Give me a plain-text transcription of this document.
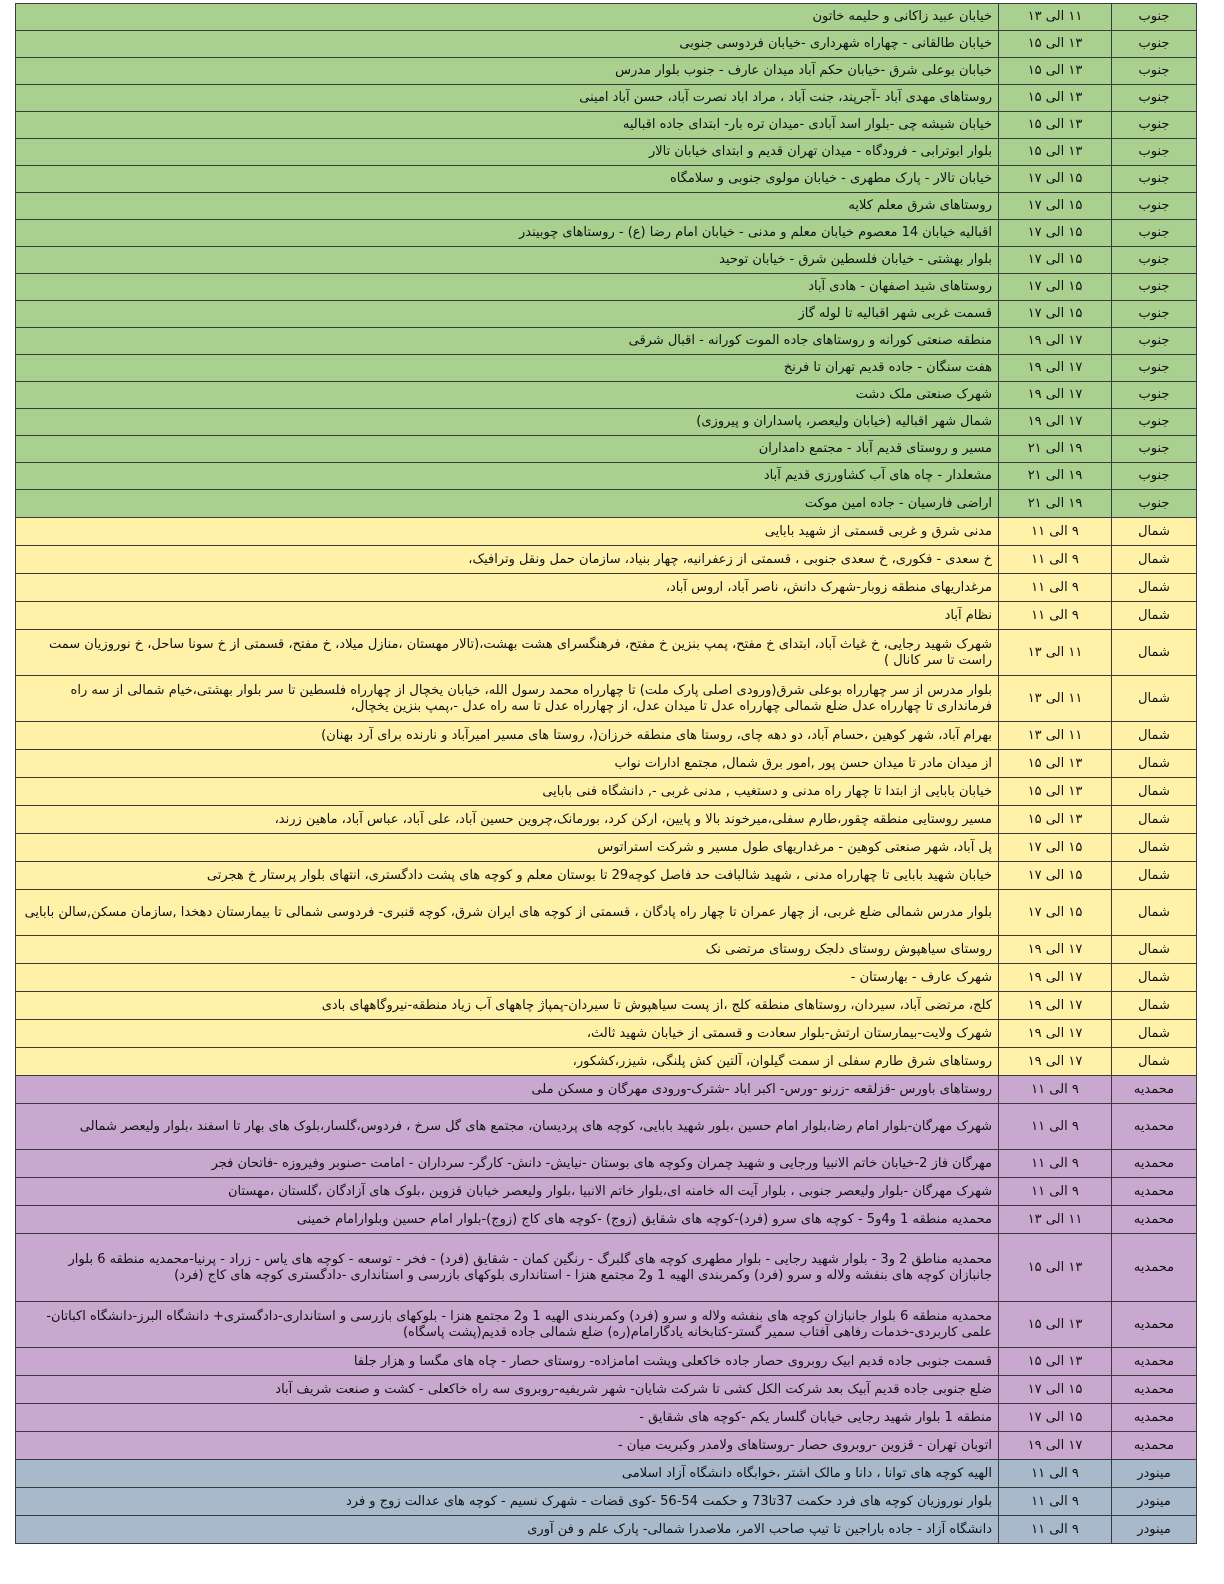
جنوب	۱۱ الی ۱۳	خیابان عبید زاکانی و حلیمه خاتون
جنوب	۱۳ الی ۱۵	خیابان طالقانی - چهاراه شهرداری -خیابان فردوسی جنوبی
جنوب	۱۳ الی ۱۵	خیابان بوعلی شرق -خیابان حکم آباد میدان عارف - جنوب بلوار مدرس
جنوب	۱۳ الی ۱۵	روستاهای مهدی آباد -آجرپند، جنت آباد ، مراد اباد نصرت آباد، حسن آباد امینی
جنوب	۱۳ الی ۱۵	خیابان شیشه چی -بلوار اسد آبادی -میدان تره بار- ابتدای جاده اقبالیه
جنوب	۱۳ الی ۱۵	بلوار ابوترابی - فرودگاه - میدان تهران قدیم و ابتدای خیابان تالار
جنوب	۱۵ الی ۱۷	خیابان تالار - پارک مطهری - خیابان مولوی جنوبی و سلامگاه
جنوب	۱۵ الی ۱۷	روستاهای شرق معلم کلایه
جنوب	۱۵ الی ۱۷	اقبالیه خیابان 14 معصوم خیابان معلم و مدنی - خیابان امام رضا (ع) - روستاهای چوبیندر
جنوب	۱۵ الی ۱۷	بلوار بهشتی - خیابان فلسطین شرق - خیابان توحید
جنوب	۱۵ الی ۱۷	روستاهای شید اصفهان - هادی آباد
جنوب	۱۵ الی ۱۷	قسمت غربی شهر اقبالیه تا لوله گاز
جنوب	۱۷ الی ۱۹	منطقه صنعتی کورانه و روستاهای جاده الموت کورانه - اقبال شرقی
جنوب	۱۷ الی ۱۹	هفت سنگان - جاده قدیم تهران تا فرنخ
جنوب	۱۷ الی ۱۹	شهرک صنعتی ملک دشت
جنوب	۱۷ الی ۱۹	شمال شهر اقبالیه (خیابان ولیعصر، پاسداران و پیروزی)
جنوب	۱۹ الی ۲۱	مسیر و روستای قدیم آباد - مجتمع دامداران
جنوب	۱۹ الی ۲۱	مشعلدار - چاه های آب کشاورزی قدیم آباد
جنوب	۱۹ الی ۲۱	اراضی فارسیان - جاده امین موکت
شمال	۹ الی ۱۱	مدنی شرق و غربی قسمتی از شهید بابایی
شمال	۹ الی ۱۱	خ سعدی - فکوری، خ سعدی جنوبی ، قسمتی از زعفرانیه، چهار بنیاد، سازمان حمل ونقل وترافیک،
شمال	۹ الی ۱۱	مرغداریهای منطقه زوبار-شهرک دانش، ناصر آباد، اروس آباد،
شمال	۹ الی ۱۱	نظام آباد
شمال	۱۱ الی ۱۳	شهرک شهید رجایی، خ غیاث آباد، ابتدای خ مفتح، پمپ بنزین خ مفتح، فرهنگسرای هشت بهشت،(تالار مهستان ،منازل میلاد، خ مفتح، قسمتی از خ سونا ساحل، خ نوروزیان سمت راست تا سر کانال )
شمال	۱۱ الی ۱۳	بلوار مدرس از سر چهارراه بوعلی شرق(ورودی اصلی پارک ملت) تا چهارراه محمد رسول الله، خیابان یخچال از چهارراه فلسطین تا سر بلوار بهشتی،خیام شمالی از سه راه فرمانداری تا چهارراه عدل ضلع شمالی چهارراه عدل تا میدان عدل، از چهارراه عدل تا سه راه عدل -،پمپ بنزین یخچال،
شمال	۱۱ الی ۱۳	بهرام آباد، شهر کوهین ،حسام آباد، دو دهه چای، روستا های منطقه خرزان(، روستا های مسیر امیرآباد و نارنده برای آرد بهنان)
شمال	۱۳ الی ۱۵	از میدان مادر تا میدان حسن پور ,امور برق شمال, مجتمع ادارات نواب
شمال	۱۳ الی ۱۵	خیابان بابایی از ابتدا تا چهار راه مدنی و دستغیب , مدنی غربی -, دانشگاه فنی بابایی
شمال	۱۳ الی ۱۵	مسیر روستایی منطقه چقور،طارم سفلی،میرخوند بالا و پایین، ارکن کرد، بورمانک،چروین حسین آباد، علی آباد، عباس آباد، ماهین زرند،
شمال	۱۵ الی ۱۷	پل آباد، شهر صنعتی کوهین - مرغداریهای طول مسیر و شرکت استراتوس
شمال	۱۵ الی ۱۷	خیابان شهید بابایی تا چهارراه مدنی ، شهید شالبافت حد فاصل کوچه29 تا بوستان معلم و کوچه های پشت دادگستری، انتهای بلوار پرستار خ هجرتی
شمال	۱۵ الی ۱۷	بلوار مدرس شمالی ضلع غربی، از چهار عمران تا چهار راه پادگان ، قسمتی از کوچه های ایران شرق، کوچه قنبری- فردوسی شمالی تا بیمارستان دهخدا ,سازمان مسکن,سالن بابایی
شمال	۱۷ الی ۱۹	روستای سیاهپوش روستای دلجک روستای مرتضی نک
شمال	۱۷ الی ۱۹	شهرک عارف - بهارستان -
شمال	۱۷ الی ۱۹	کلج، مرتضی آباد، سیردان، روستاهای منطقه کلج ،از پست سیاهپوش تا سیردان-پمپاژ چاههای آب زیاد منطقه-نیروگاههای بادی
شمال	۱۷ الی ۱۹	شهرک ولایت-بیمارستان ارتش-بلوار سعادت و قسمتی از خیابان شهید ثالث،
شمال	۱۷ الی ۱۹	روستاهای شرق طارم سفلی از سمت گیلوان، آلتین کش پلنگی، شیزر،کشکور،
محمدیه	۹ الی ۱۱	روستاهای باورس -قزلقعه -زرنو -ورس- اکبر اباد -شترک-ورودی مهرگان و مسکن ملی
محمدیه	۹ الی ۱۱	شهرک مهرگان-بلوار امام رضا،بلوار امام حسین ،بلور شهید بابایی، کوچه های پردیسان، مجتمع های گل سرخ ، فردوس،گلسار،بلوک های بهار تا اسفند ،بلوار ولیعصر شمالی
محمدیه	۹ الی ۱۱	مهرگان فاز 2-خیابان خاتم الانبیا ورجایی و شهید چمران وکوچه های بوستان -نیایش- دانش- کارگر- سرداران - امامت -صنوبر وفیروزه -فاتحان فجر
محمدیه	۹ الی ۱۱	شهرک مهرگان -بلوار ولیعصر جنوبی ، بلوار آیت اله خامنه ای،بلوار خاتم الانبیا ،بلوار ولیعصر خیابان قزوین ،بلوک های آزادگان ،گلستان ،مهستان
محمدیه	۱۱ الی ۱۳	محمدیه منطقه 1 و4و5 - کوچه های سرو (فرد)-کوچه های شقایق (زوج) -کوچه های کاج (زوج)-بلوار امام حسین وبلوارامام خمینی
محمدیه	۱۳ الی ۱۵	محمدیه مناطق 2 و3 - بلوار شهید رجایی - بلوار مطهری کوچه های گلبرگ - رنگین کمان - شقایق (فرد) - فخر - توسعه - کوچه های یاس - زراد - پرنیا-محمدیه منطقه 6 بلوار جانبازان کوچه های بنفشه ولاله و سرو (فرد) وکمربندی الهیه 1 و2 مجتمع هنزا - استانداری بلوکهای بازرسی و استانداری -دادگستری کوچه های کاج (فرد)
محمدیه	۱۳ الی ۱۵	محمدیه منطقه 6 بلوار جانبازان کوچه های بنفشه ولاله و سرو (فرد) وکمربندی الهیه 1 و2 مجتمع هنزا - بلوکهای بازرسی و استانداری-دادگستری+ دانشگاه البرز-دانشگاه اکباتان-علمی کاربردی-خدمات رفاهی آفتاب سمیر گستر-کتابخانه یادگارامام(ره) ضلع شمالی جاده قدیم(پشت پاسگاه)
محمدیه	۱۳ الی ۱۵	قسمت جنوبی جاده قدیم ابیک روبروی حصار جاده خاکعلی وپشت امامزاده- روستای حصار - چاه های مگسا و هزار جلفا
محمدیه	۱۵ الی ۱۷	ضلع جنوبی جاده قدیم آبیک بعد شرکت الکل کشی تا شرکت شایان- شهر شریفیه-روبروی سه راه خاکعلی - کشت و صنعت شریف آباد
محمدیه	۱۵ الی ۱۷	منطقه 1 بلوار شهید رجایی خیابان گلسار یکم -کوچه های شقایق -
محمدیه	۱۷ الی ۱۹	اتوبان تهران - قزوین -روبروی حصار -روستاهای ولامدر وکبریت میان -
مینودر	۹ الی ۱۱	الهیه کوچه های توانا ، دانا و مالک اشتر ،خوابگاه دانشگاه آزاد اسلامی
مینودر	۹ الی ۱۱	بلوار نوروزیان کوچه های فرد حکمت 37تا73 و حکمت 54-56 -کوی قضات - شهرک نسیم - کوچه های عدالت زوج و فرد
مینودر	۹ الی ۱۱	دانشگاه آزاد - جاده باراجین تا تیپ صاحب الامر، ملاصدرا شمالی- پارک علم و فن آوری
